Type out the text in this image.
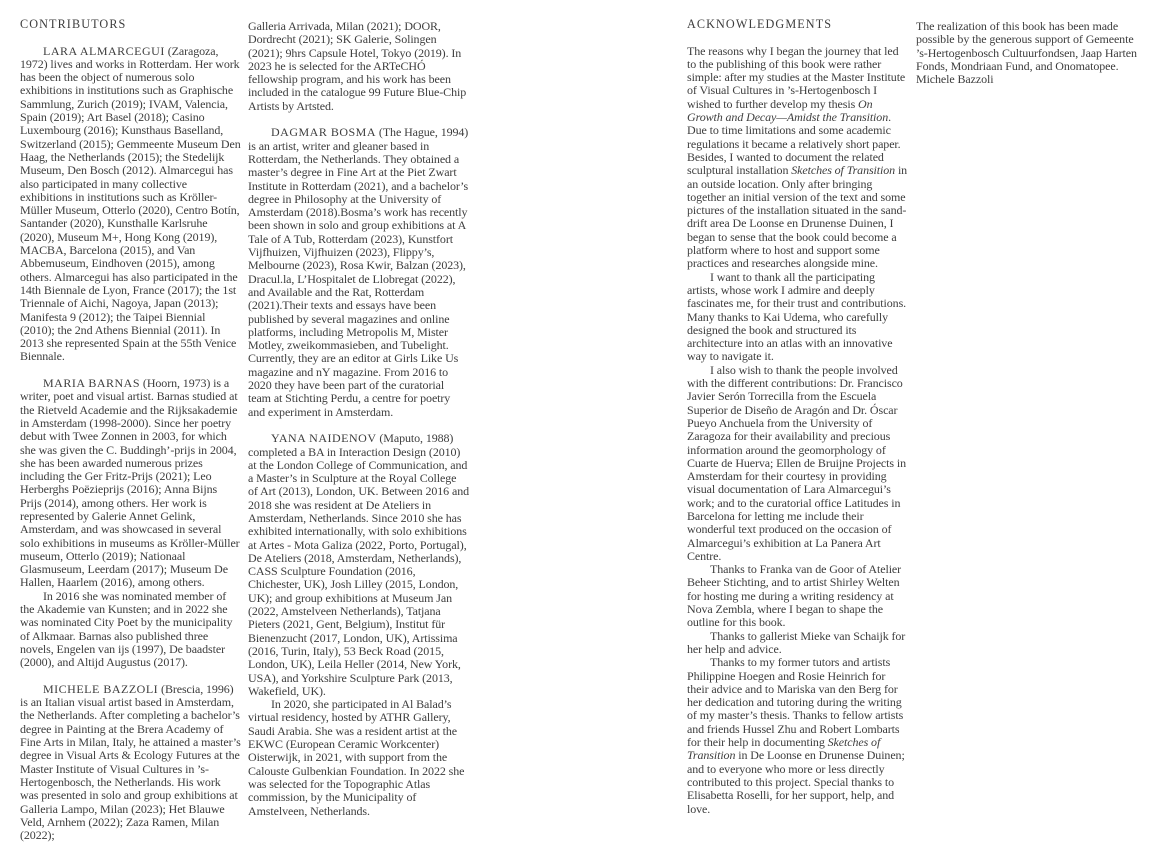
CONTRIBUTORS

LARA ALMARCEGUI (Zaragoza, 1972) lives and works in Rotterdam. Her work has been the object of numerous solo exhibitions in institutions such as Graphische Sammlung, Zurich (2019); IVAM, Valencia, Spain (2019); Art Basel (2018); Casino Luxembourg (2016); Kunsthaus Baselland, Switzerland (2015); Gemmeente Museum Den Haag, the Netherlands (2015); the Stedelijk Museum, Den Bosch (2012). Almarcegui has also participated in many collective exhibitions in institutions such as Kröller-Müller Museum, Otterlo (2020), Centro Botín, Santander (2020), Kunsthalle Karlsruhe (2020), Museum M+, Hong Kong (2019), MACBA, Barcelona (2015), and Van Abbemuseum, Eindhoven (2015), among others. Almarcegui has also participated in the 14th Biennale de Lyon, France (2017); the 1st Triennale of Aichi, Nagoya, Japan (2013); Manifesta 9 (2012); the Taipei Biennial (2010); the 2nd Athens Biennial (2011). In 2013 she represented Spain at the 55th Venice Biennale.

MARIA BARNAS (Hoorn, 1973) is a writer, poet and visual artist. Barnas studied at the Rietveld Academie and the Rijksakademie in Amsterdam (1998-2000). Since her poetry debut with Twee Zonnen in 2003, for which she was given the C. Buddingh’-prijs in 2004, she has been awarded numerous prizes including the Ger Fritz-Prijs (2021); Leo Herberghs Poëzieprijs (2016); Anna Bijns Prijs (2014), among others. Her work is represented by Galerie Annet Gelink, Amsterdam, and was showcased in several solo exhibitions in museums as Kröller-Müller museum, Otterlo (2019); Nationaal Glasmuseum, Leerdam (2017); Museum De Hallen, Haarlem (2016), among others.

In 2016 she was nominated member of the Akademie van Kunsten; and in 2022 she was nominated City Poet by the municipality of Alkmaar. Barnas also published three novels, Engelen van ijs (1997), De baadster (2000), and Altijd Augustus (2017).

MICHELE BAZZOLI (Brescia, 1996) is an Italian visual artist based in Amsterdam, the Netherlands. After completing a bachelor’s degree in Painting at the Brera Academy of Fine Arts in Milan, Italy, he attained a master’s degree in Visual Arts & Ecology Futures at the Master Institute of Visual Cultures in ’s-Hertogenbosch, the Netherlands. His work was presented in solo and group exhibitions at Galleria Lampo, Milan (2023); Het Blauwe Veld, Arnhem (2022); Zaza Ramen, Milan (2022);

Galleria Arrivada, Milan (2021); DOOR, Dordrecht (2021); SK Galerie, Solingen (2021); 9hrs Capsule Hotel, Tokyo (2019). In 2023 he is selected for the ARTeCHÓ fellowship program, and his work has been included in the catalogue 99 Future Blue-Chip Artists by Artsted.

DAGMAR BOSMA (The Hague, 1994) is an artist, writer and gleaner based in Rotterdam, the Netherlands. They obtained a master’s degree in Fine Art at the Piet Zwart Institute in Rotterdam (2021), and a bachelor’s degree in Philosophy at the University of Amsterdam (2018).Bosma’s work has recently been shown in solo and group exhibitions at A Tale of A Tub, Rotterdam (2023), Kunstfort Vijfhuizen, Vijfhuizen (2023), Flippy’s, Melbourne (2023), Rosa Kwir, Balzan (2023), Dracul.la, L’Hospitalet de Llobregat (2022), and Available and the Rat, Rotterdam (2021).Their texts and essays have been published by several magazines and online platforms, including Metropolis M, Mister Motley, zweikommasieben, and Tubelight. Currently, they are an editor at Girls Like Us magazine and nY magazine. From 2016 to 2020 they have been part of the curatorial team at Stichting Perdu, a centre for poetry and experiment in Amsterdam.

YANA NAIDENOV (Maputo, 1988) completed a BA in Interaction Design (2010) at the London College of Communication, and a Master’s in Sculpture at the Royal College of Art (2013), London, UK. Between 2016 and 2018 she was resident at De Ateliers in Amsterdam, Netherlands. Since 2010 she has exhibited internationally, with solo exhibitions at Artes - Mota Galiza (2022, Porto, Portugal), De Ateliers (2018, Amsterdam, Netherlands), CASS Sculpture Foundation (2016, Chichester, UK), Josh Lilley (2015, London, UK); and group exhibitions at Museum Jan (2022, Amstelveen Netherlands), Tatjana Pieters (2021, Gent, Belgium), Institut für Bienenzucht (2017, London, UK), Artissima (2016, Turin, Italy), 53 Beck Road (2015, London, UK), Leila Heller (2014, New York, USA), and Yorkshire Sculpture Park (2013, Wakefield, UK).

In 2020, she participated in Al Balad’s virtual residency, hosted by ATHR Gallery, Saudi Arabia. She was a resident artist at the EKWC (European Ceramic Workcenter) Oisterwijk, in 2021, with support from the Calouste Gulbenkian Foundation. In 2022 she was selected for the Topographic Atlas commission, by the Municipality of Amstelveen, Netherlands.

ACKNOWLEDGMENTS

The reasons why I began the journey that led to the publishing of this book were rather simple: after my studies at the Master Institute of Visual Cultures in ’s-Hertogenbosch I wished to further develop my thesis On Growth and Decay—Amidst the Transition. Due to time limitations and some academic regulations it became a relatively short paper. Besides, I wanted to document the related sculptural installation Sketches of Transition in an outside location. Only after bringing together an initial version of the text and some pictures of the installation situated in the sand-drift area De Loonse en Drunense Duinen, I began to sense that the book could become a platform where to host and support some practices and researches alongside mine.

I want to thank all the participating artists, whose work I admire and deeply fascinates me, for their trust and contributions. Many thanks to Kai Udema, who carefully designed the book and structured its architecture into an atlas with an innovative way to navigate it.

I also wish to thank the people involved with the different contributions: Dr. Francisco Javier Serón Torrecilla from the Escuela Superior de Diseño de Aragón and Dr. Óscar Pueyo Anchuela from the University of Zaragoza for their availability and precious information around the geomorphology of Cuarte de Huerva; Ellen de Bruijne Projects in Amsterdam for their courtesy in providing visual documentation of Lara Almarcegui’s work; and to the curatorial office Latitudes in Barcelona for letting me include their wonderful text produced on the occasion of Almarcegui’s exhibition at La Panera Art Centre.

Thanks to Franka van de Goor of Atelier Beheer Stichting, and to artist Shirley Welten for hosting me during a writing residency at Nova Zembla, where I began to shape the outline for this book.

Thanks to gallerist Mieke van Schaijk for her help and advice.

Thanks to my former tutors and artists Philippine Hoegen and Rosie Heinrich for their advice and to Mariska van den Berg for her dedication and tutoring during the writing of my master’s thesis. Thanks to fellow artists and friends Hussel Zhu and Robert Lombarts for their help in documenting Sketches of Transition in De Loonse en Drunense Duinen; and to everyone who more or less directly contributed to this project. Special thanks to Elisabetta Roselli, for her support, help, and love.

The realization of this book has been made possible by the generous support of Gemeente ’s-Hertogenbosch Cultuurfondsen, Jaap Harten Fonds, Mondriaan Fund, and Onomatopee.

Michele Bazzoli
